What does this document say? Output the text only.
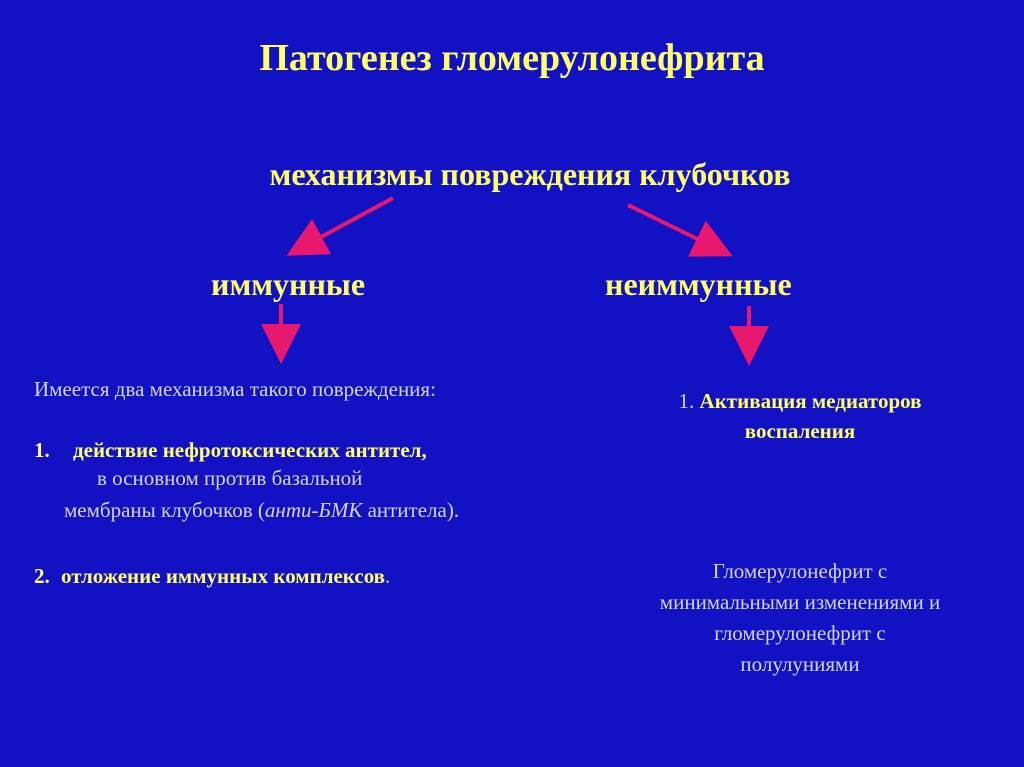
Патогенез гломерулонефрита
механизмы повреждения клубочков
иммунные	неиммунные
Имеется два механизма такого повреждения:
1. действие нефротоксических антител,
в основном против базальной
мембраны клубочков (анти-БМК антитела).
2. отложение иммунных комплексов.
1. Активация медиаторов
воспаления
Гломерулонефрит с
минимальными изменениями и
гломерулонефрит с
полулуниями
